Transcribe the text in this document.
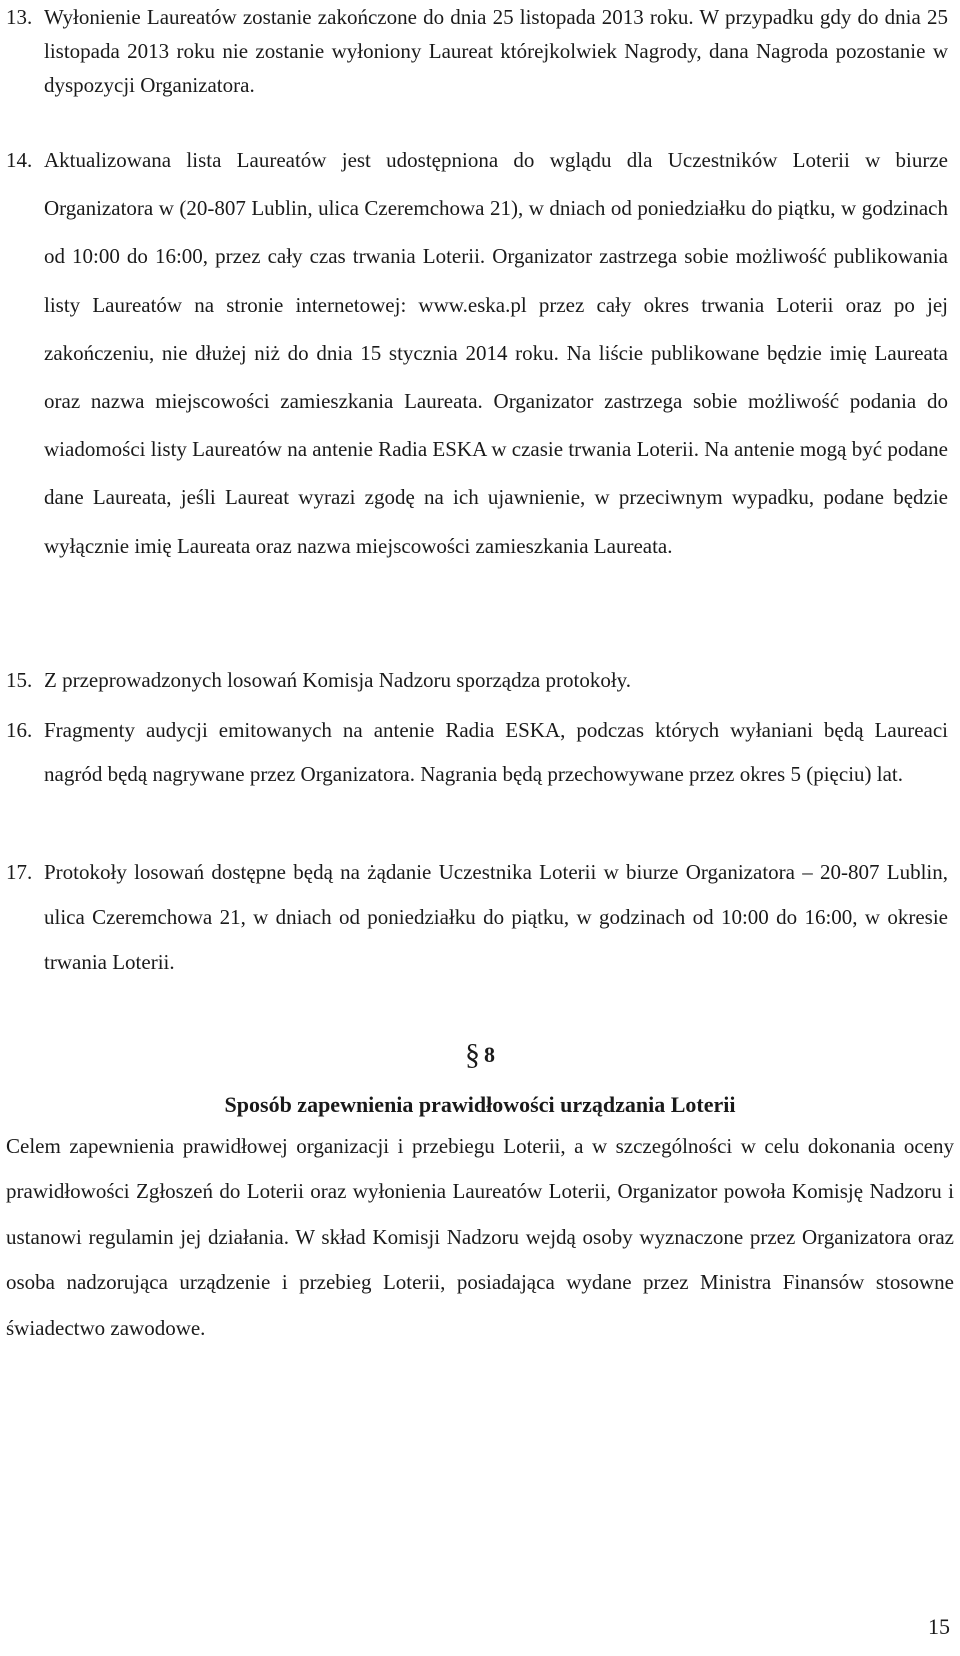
13. Wyłonienie Laureatów zostanie zakończone do dnia 25 listopada 2013 roku. W przypadku gdy do dnia 25 listopada 2013 roku nie zostanie wyłoniony Laureat którejkolwiek Nagrody, dana Nagroda pozostanie w dyspozycji Organizatora.
14. Aktualizowana lista Laureatów jest udostępniona do wglądu dla Uczestników Loterii w biurze Organizatora w (20-807 Lublin, ulica Czeremchowa 21), w dniach od poniedziałku do piątku, w godzinach od 10:00 do 16:00, przez cały czas trwania Loterii. Organizator zastrzega sobie możliwość publikowania listy Laureatów na stronie internetowej: www.eska.pl przez cały okres trwania Loterii oraz po jej zakończeniu, nie dłużej niż do dnia 15 stycznia 2014 roku. Na liście publikowane będzie imię Laureata oraz nazwa miejscowości zamieszkania Laureata. Organizator zastrzega sobie możliwość podania do wiadomości listy Laureatów na antenie Radia ESKA w czasie trwania Loterii. Na antenie mogą być podane dane Laureata, jeśli Laureat wyrazi zgodę na ich ujawnienie, w przeciwnym wypadku, podane będzie wyłącznie imię Laureata oraz nazwa miejscowości zamieszkania Laureata.
15. Z przeprowadzonych losowań Komisja Nadzoru sporządza protokoły.
16. Fragmenty audycji emitowanych na antenie Radia ESKA, podczas których wyłaniani będą Laureaci nagród będą nagrywane przez Organizatora. Nagrania będą przechowywane przez okres 5 (pięciu) lat.
17. Protokoły losowań dostępne będą na żądanie Uczestnika Loterii w biurze Organizatora – 20-807 Lublin, ulica Czeremchowa 21, w dniach od poniedziałku do piątku, w godzinach od 10:00 do 16:00, w okresie trwania Loterii.
§ 8
Sposób zapewnienia prawidłowości urządzania Loterii
Celem zapewnienia prawidłowej organizacji i przebiegu Loterii, a w szczególności w celu dokonania oceny prawidłowości Zgłoszeń do Loterii oraz wyłonienia Laureatów Loterii, Organizator powoła Komisję Nadzoru i ustanowi regulamin jej działania. W skład Komisji Nadzoru wejdą osoby wyznaczone przez Organizatora oraz osoba nadzorująca urządzenie i przebieg Loterii, posiadająca wydane przez Ministra Finansów stosowne świadectwo zawodowe.
15
